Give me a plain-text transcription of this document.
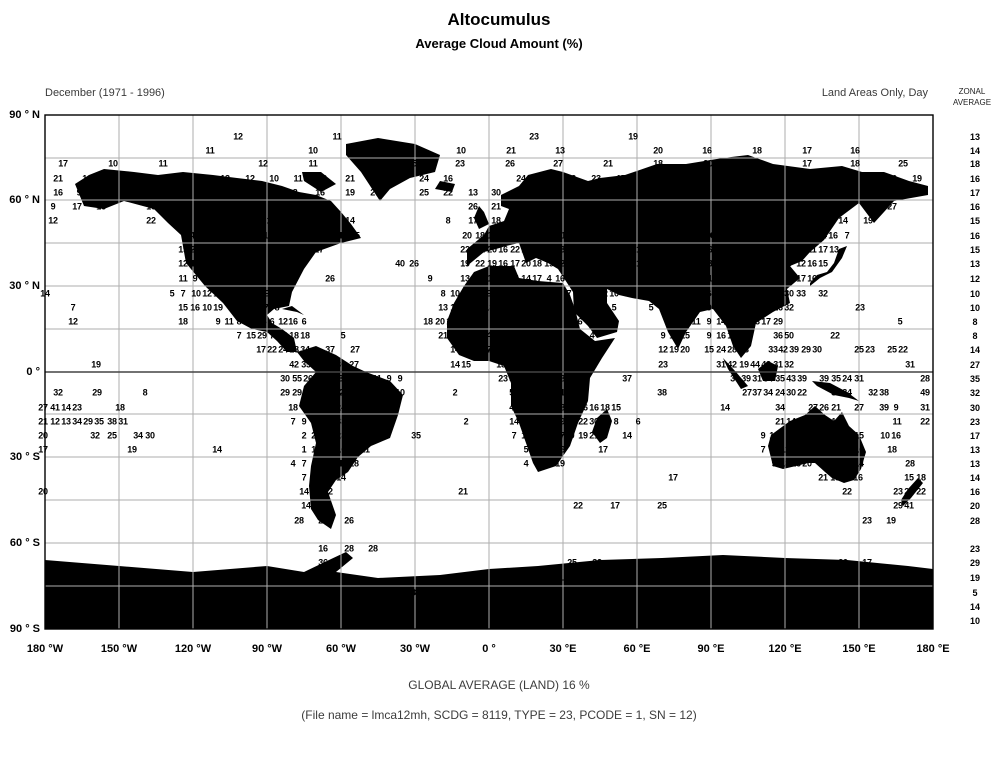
Altocumulus
Average Cloud Amount (%)
December (1971 - 1996)	Land Areas Only, Day	ZONAL
AVERAGE
90 ° N
60 ° N
30 ° N
0 °
30 ° S
60 ° S
90 ° S
180 °W	150 °W	120 °W	90 °W	60 °W	30 °W	0 °	30 °E	60 °E	90 °E	120 °E	150 °E	180 °E
12	11	23	19
11	10	10	21	13	20	16	18	17	16
17	10	11	12	11	25	23	26	27	21	18	20	15	17	18	25
21 16	12 15 20 12 13 12 10 11 12 21 7 20 24 16	24 19 23 23 17 22 16 12 12 15 14 10 10 19 15 20 19
16 9 30 22 25 22 18 16 11 9 8 16 19 27	25 22 13 30 20 15 14 19 14 23 13 10 13 15 9 10 11 10 17 27 18
9 17 16	16 26 21 14 11	12 11	26 21 17 14 14 14 16 18 15 16 16 16 14 11 9 11 31 27
12	22 31 24 18 12 11 11 13 14	8 17 18 18 16 15 17 15 12 13 19 17 17 10 6 8 14 19
24 27 27 23 16 14 10 11 10 12 14 14 15 13 15	20 18 19 19 15 24 28 29 21 21 24 20 16 14 16 6 11 12 13 15 15 20 19 16 12 15 7 5 4 8 7 14 16 7
19 22 26 15 14 12 14 14 16 16 14 11 17	22 21 20 16 22 16 17 22 23 29 22 18 23 15 20 10 24 20 14 8 6 6 7 6 4 5 5 4 4 9 11 17 13
12 15 13 15 10 9 12 14 15 17	40 26	19 22 19 16 17 20 18 19 22 21 20 17 14 13 18 18 23 16 14 7 6 3 2 4 6 9 10 8 5 12 16 15
11 9 8 10 10 13 13 13	26	9	13 11 12 12 11 14 17 4 16 13 12 9 8 7 17 17 13 14 10 4 3 1 1 13 33 25 21 19 9 17 16
14	5 7 10 12 14 17 15 9	8 10 9 9 9 11 13 7 8 2 10 7 11 15 12 10 6 5 7 6 6 5 3 6 7 8 25 32 20 18 30 33 32
7	15 16 10 19 13 11 7 8	13 18	13 11	5 3 7 6 14 10 5	5 3 6 7 7 9 11 6 17 18 15 16 32	23
12	18	9 11 8 24 16 6 12 16 6	18 20 19 17 10 6 4 4 2	1 2 6 5 3	6 7 11 9 14 14 17 23 17 29	5
7 15 29 7 10 18 18	5	21 16 9 6 4 3 2 1 1 2 1 7 2 4	9 14 15 9 16 15 10	36 50	22
17 22 24 18 34 37 27	14 7 9 7 5 4 7 7 11 10 11 6 2	12 19 20 15 24 28 13 33 42 39 29 30	25 23 25 22
19	42 35 21 36 27	14 15	13 12 13 11 41 35 16 8 11	23	31 42 19 44 42 31 32	31
30 55 26 41 36 31 22 20 11 9 9	23 32 46 54 53 38 18 14	37	30 39 31 34 35 43 39 39 35 24 31	28
32	29	8	29 29 28 35 31 28 33 21 13 11 10	2	50 48 53 52 41 19	38	27 37 34 24 30 22	37 34 32 38	49
27 41 14 23	18	18 9 12 31 24 29 35 23 17	48 48 52 49 48 20 26 16 18 15	14	34	27 26 21 27 39 9 31
21 12 13 34 29 35 38 31	7 9 19 17 33 25 27 27 26	2	14 24 32 39 29 24 22 30 14 8 6	21 14 18 21 11 18	11 22
20	32 25 34 30	2 22 13 23 25 28 31	35	7 13 23 26 27 9 19 21	14	9 12	17 8 9 12 15 10 16
17	19	14	1 13 16 16 17 21	5 11 19 16	17	7 13 11 21 19 8 11 9 16	18
4 7 9 17 17 18	4 6 9 19	9 13 16 20 19 15 12 14	28
7 12 14 14	17	21 19 19 16	15 18
20	14 14 12	21	22	23 22 22
14 23	22	17	25	29 41
28 28 26	23 19
16 28 28
36	25 32	35 27	25	38	20 17
26	29	19	31	21	15
9	18	3	23
20
7
13
14
18
16
17
16
15
16
15
13
12
10
10
8
8
14
27
35
32
30
23
17
13
13
14
16
20
28
23
29
19
5
14
10
GLOBAL AVERAGE (LAND) 16 %
(File name = lmca12mh, SCDG = 8119, TYPE = 23, PCODE = 1, SN = 12)
